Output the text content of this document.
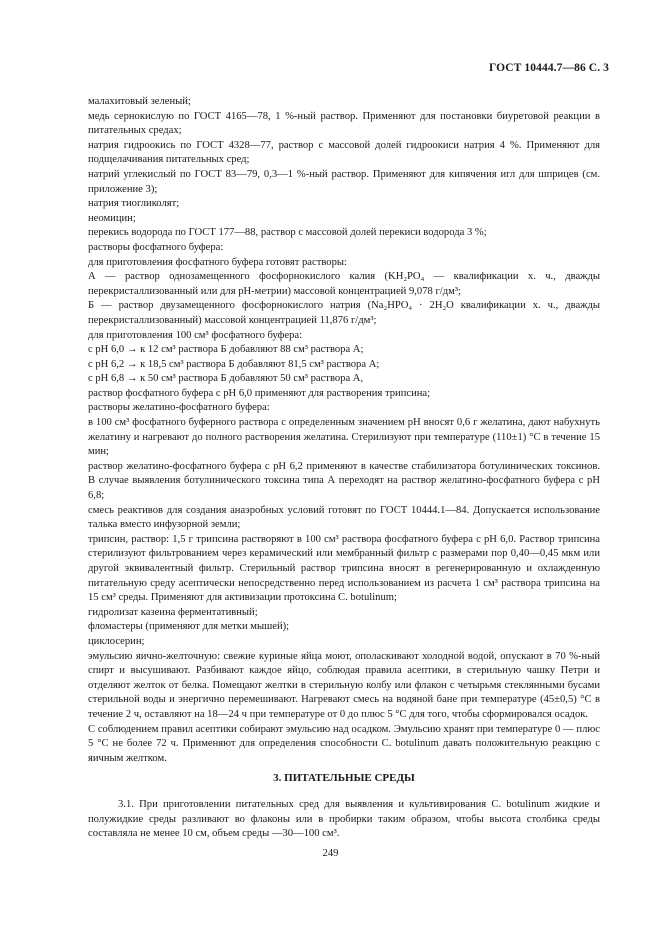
ГОСТ 10444.7—86 С. 3

малахитовый зеленый;

медь сернокислую по ГОСТ 4165—78, 1 %-ный раствор. Применяют для постановки биуретовой реакции в питательных средах;

натрия гидроокись по ГОСТ 4328—77, раствор с массовой долей гидроокиси натрия 4 %. Применяют для подщелачивания питательных сред;

натрий углекислый по ГОСТ 83—79, 0,3—1 %-ный раствор. Применяют для кипячения игл для шприцев (см. приложение 3);

натрия тиогликолят;

неомицин;

перекись водорода по ГОСТ 177—88, раствор с массовой долей перекиси водорода 3 %;

растворы фосфатного буфера:

для приготовления фосфатного буфера готовят растворы:

А — раствор однозамещенного фосфорнокислого калия (KH₂PO₄ — квалификации х. ч., дважды перекристаллизованный или для рН-метрии) массовой концентрацией 9,078 г/дм³;

Б — раствор двузамещенного фосфорнокислого натрия (Na₂HPO₄ · 2H₂O квалификации х. ч., дважды перекристаллизованный) массовой концентрацией 11,876 г/дм³;

для приготовления 100 см³ фосфатного буфера:

с рН 6,0 → к 12 см³ раствора Б добавляют 88 см³ раствора А;

с рН 6,2 → к 18,5 см³ раствора Б добавляют 81,5 см³ раствора А;

с рН 6,8 → к 50 см³ раствора Б добавляют 50 см³ раствора А,

раствор фосфатного буфера с рН 6,0 применяют для растворения трипсина;

растворы желатино-фосфатного буфера:

в 100 см³ фосфатного буферного раствора с определенным значением рН вносят 0,6 г желатина, дают набухнуть желатину и нагревают до полного растворения желатина. Стерилизуют при температуре (110±1) °С в течение 15 мин;

раствор желатино-фосфатного буфера с рН 6,2 применяют в качестве стабилизатора ботулинических токсинов. В случае выявления ботулинического токсина типа А переходят на раствор желатино-фосфатного буфера с рН 6,8;

смесь реактивов для создания анаэробных условий готовят по ГОСТ 10444.1—84. Допускается использование талька вместо инфузорной земли;

трипсин, раствор: 1,5 г трипсина растворяют в 100 см³ раствора фосфатного буфера с рН 6,0. Раствор трипсина стерилизуют фильтрованием через керамический или мембранный фильтр с размерами пор 0,40—0,45 мкм или другой эквивалентный фильтр. Стерильный раствор трипсина вносят в регенерированную и охлажденную питательную среду асептически непосредственно перед использованием из расчета 1 см³ раствора трипсина на 15 см³ среды. Применяют для активизации протоксина C. botulinum;

гидролизат казеина ферментативный;

фломастеры (применяют для метки мышей);

циклосерин;

эмульсию яично-желточную: свежие куриные яйца моют, ополаскивают холодной водой, опускают в 70 %-ный спирт и высушивают. Разбивают каждое яйцо, соблюдая правила асептики, в стерильную чашку Петри и отделяют желток от белка. Помещают желтки в стерильную колбу или флакон с четырьмя стеклянными бусами стерильной воды и энергично перемешивают. Нагревают смесь на водяной бане при температуре (45±0,5) °С в течение 2 ч, оставляют на 18—24 ч при температуре от 0 до плюс 5 °С для того, чтобы сформировался осадок.

С соблюдением правил асептики собирают эмульсию над осадком. Эмульсию хранят при температуре 0 — плюс 5 °С не более 72 ч. Применяют для определения способности C. botulinum давать положительную реакцию с яичным желтком.

3. ПИТАТЕЛЬНЫЕ СРЕДЫ

3.1. При приготовлении питательных сред для выявления и культивирования C. botulinum жидкие и полужидкие среды разливают во флаконы или в пробирки таким образом, чтобы высота столбика среды составляла не менее 10 см, объем среды —30—100 см³.

249
